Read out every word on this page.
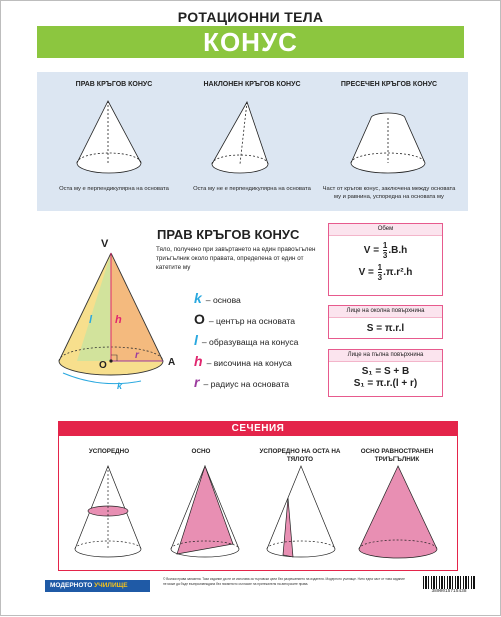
РОТАЦИОННИ ТЕЛА
КОНУС
ПРАВ КРЪГОВ КОНУС
Оста му е перпендикулярна на основата
НАКЛОНЕН КРЪГОВ КОНУС
Оста му не е перпендикулярна на основата
ПРЕСЕЧЕН КРЪГОВ КОНУС
Част от кръгов конус, заключена между основата му и равнина, успоредна на основата му
ПРАВ КРЪГОВ КОНУС
Тяло, получено при завъртането на един правоъгълен триъгълник около правата, определена от един от катетите му
V
O	A
l h
r
k
k – основа
O – център на основата
l – образуваща на конуса
h – височина на конуса
r – радиус на основата
Обем
$V = \frac{1}{3} .B.h$
$V = \frac{1}{3} .\pi.r^2.h$
Лице на околна повърхнина
S = π.r.l
Лице на пълна повърхнина
S₁ = S + B
S₁ = π.r.(l + r)
СЕЧЕНИЯ
УСПОРЕДНО	ОСНО	УСПОРЕДНО НА ОСТА НА ТЯЛОТО
ОСНО РАВНОСТРАНЕН ТРИЪГЪЛНИК
МОДЕРНОТО УЧИЛИЩЕ
© Всички права запазени. Тази издание да не се използва за търговски цели без разрешението на издателя. Модерното училище. Нито една част от това издание не може да бъде възпроизвеждана без писменото съгласие на притежателя на авторските права.
3800015715438
